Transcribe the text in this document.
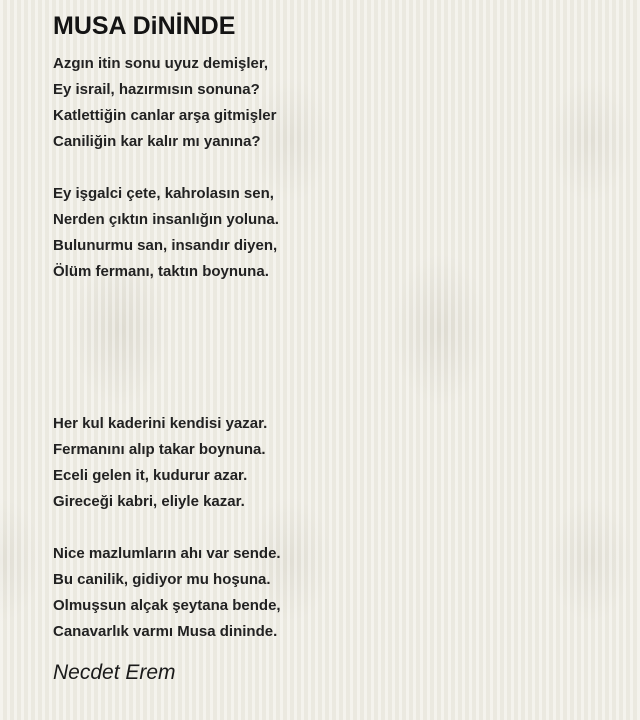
MUSA DiNİNDE

Azgın itin sonu uyuz demişler,
Ey israil, hazırmısın sonuna?
Katlettiğin canlar arşa gitmişler
Caniliğin kar kalır mı yanına?

Ey işgalci çete, kahrolasın sen,
Nerden çıktın insanlığın yoluna.
Bulunurmu san, insandır diyen,
Ölüm fermanı, taktın boynuna.

Her kul kaderini kendisi yazar.
Fermanını alıp takar boynuna.
Eceli gelen it, kudurur azar.
Gireceği kabri, eliyle kazar.

Nice mazlumların ahı var sende.
Bu canilik, gidiyor mu hoşuna.
Olmuşsun alçak şeytana bende,
Canavarlık varmı Musa dininde.

Necdet Erem
